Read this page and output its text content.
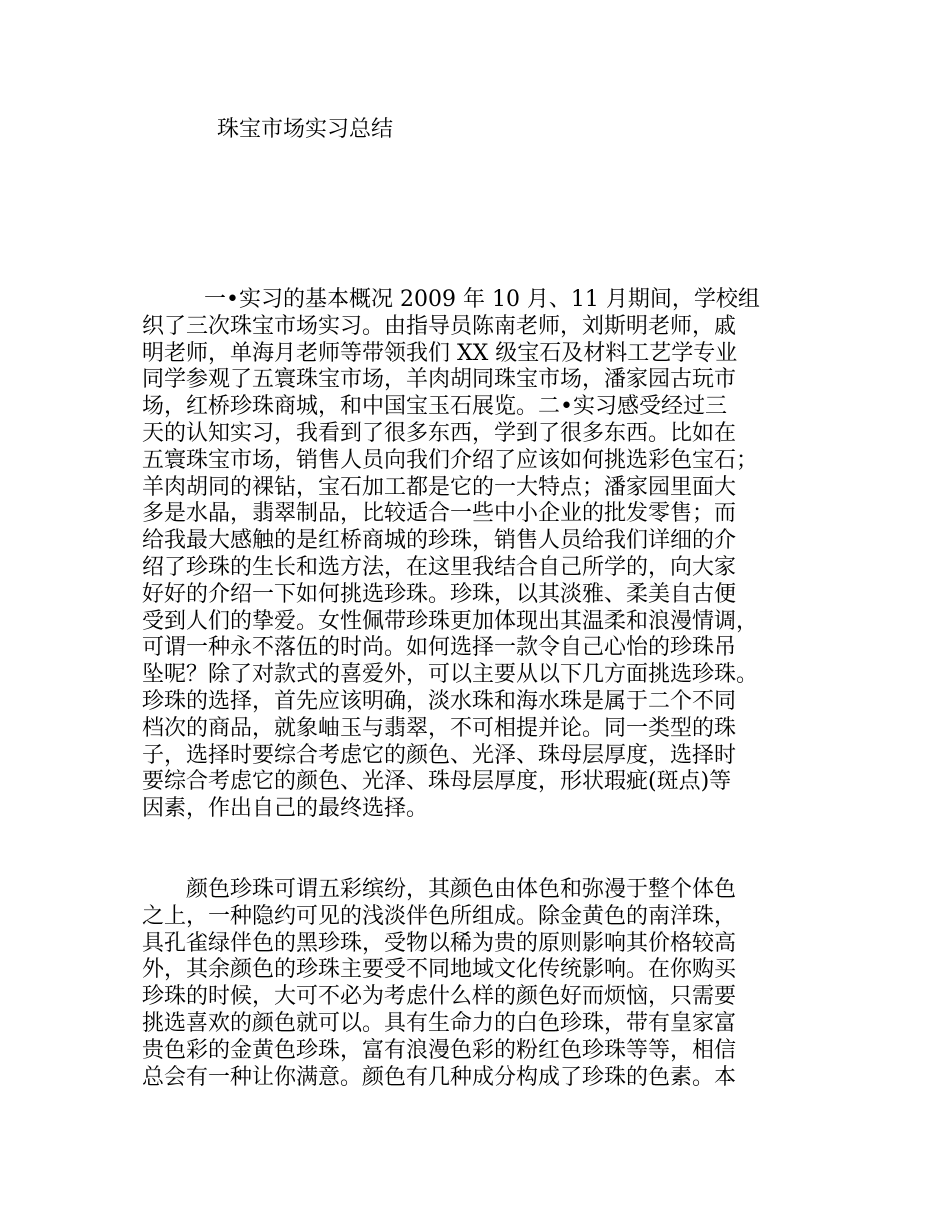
珠宝市场实习总结
一•实习的基本概况 2009 年 10 月、11 月期间，学校组
织了三次珠宝市场实习。由指导员陈南老师，刘斯明老师，戚
明老师，单海月老师等带领我们 XX 级宝石及材料工艺学专业
同学参观了五寰珠宝市场，羊肉胡同珠宝市场，潘家园古玩市
场，红桥珍珠商城，和中国宝玉石展览。二•实习感受经过三
天的认知实习，我看到了很多东西，学到了很多东西。比如在
五寰珠宝市场，销售人员向我们介绍了应该如何挑选彩色宝石；
羊肉胡同的裸钻，宝石加工都是它的一大特点；潘家园里面大
多是水晶，翡翠制品，比较适合一些中小企业的批发零售；而
给我最大感触的是红桥商城的珍珠，销售人员给我们详细的介
绍了珍珠的生长和选方法，在这里我结合自己所学的，向大家
好好的介绍一下如何挑选珍珠。珍珠，以其淡雅、柔美自古便
受到人们的挚爱。女性佩带珍珠更加体现出其温柔和浪漫情调，
可谓一种永不落伍的时尚。如何选择一款令自己心怡的珍珠吊
坠呢？除了对款式的喜爱外，可以主要从以下几方面挑选珍珠。
珍珠的选择，首先应该明确，淡水珠和海水珠是属于二个不同
档次的商品，就象岫玉与翡翠，不可相提并论。同一类型的珠
子，选择时要综合考虑它的颜色、光泽、珠母层厚度，选择时
要综合考虑它的颜色、光泽、珠母层厚度，形状瑕疵(斑点)等
因素，作出自己的最终选择。
颜色珍珠可谓五彩缤纷，其颜色由体色和弥漫于整个体色
之上，一种隐约可见的浅淡伴色所组成。除金黄色的南洋珠，
具孔雀绿伴色的黑珍珠，受物以稀为贵的原则影响其价格较高
外，其余颜色的珍珠主要受不同地域文化传统影响。在你购买
珍珠的时候，大可不必为考虑什么样的颜色好而烦恼，只需要
挑选喜欢的颜色就可以。具有生命力的白色珍珠，带有皇家富
贵色彩的金黄色珍珠，富有浪漫色彩的粉红色珍珠等等，相信
总会有一种让你满意。颜色有几种成分构成了珍珠的色素。本
